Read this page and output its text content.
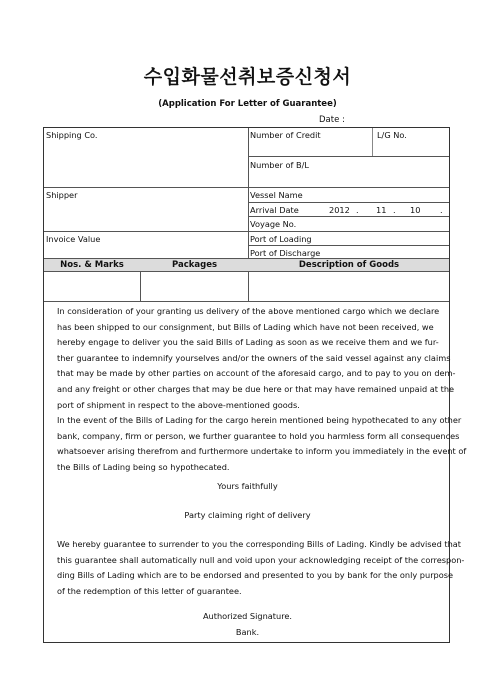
수입화물선취보증신청서
(Application For Letter of Guarantee)
Date :
Shipping Co.
Shipper
Invoice Value
Number of Credit	L/G No.
Number of B/L
Vessel Name
Arrival Date	2012 . 11 . 10 .
Voyage No.
Port of Loading
Port of Discharge
Nos. & Marks	Packages	Description of Goods
In consideration of your granting us delivery of the above mentioned cargo which we declare
has been shipped to our consignment, but Bills of Lading which have not been received, we
hereby engage to deliver you the said Bills of Lading as soon as we receive them and we fur-
ther guarantee to indemnify yourselves and/or the owners of the said vessel against any claims
that may be made by other parties on account of the aforesaid cargo, and to pay to you on dem-
and any freight or other charges that may be due here or that may have remained unpaid at the
port of shipment in respect to the above-mentioned goods.
In the event of the Bills of Lading for the cargo herein mentioned being hypothecated to any other
bank, company, firm or person, we further guarantee to hold you harmless form all consequences
whatsoever arising therefrom and furthermore undertake to inform you immediately in the event of
the Bills of Lading being so hypothecated.
Yours faithfully
Party claiming right of delivery
We hereby guarantee to surrender to you the corresponding Bills of Lading. Kindly be advised that
this guarantee shall automatically null and void upon your acknowledging receipt of the correspon-
ding Bills of Lading which are to be endorsed and presented to you by bank for the only purpose
of the redemption of this letter of guarantee.
Authorized Signature.
Bank.
